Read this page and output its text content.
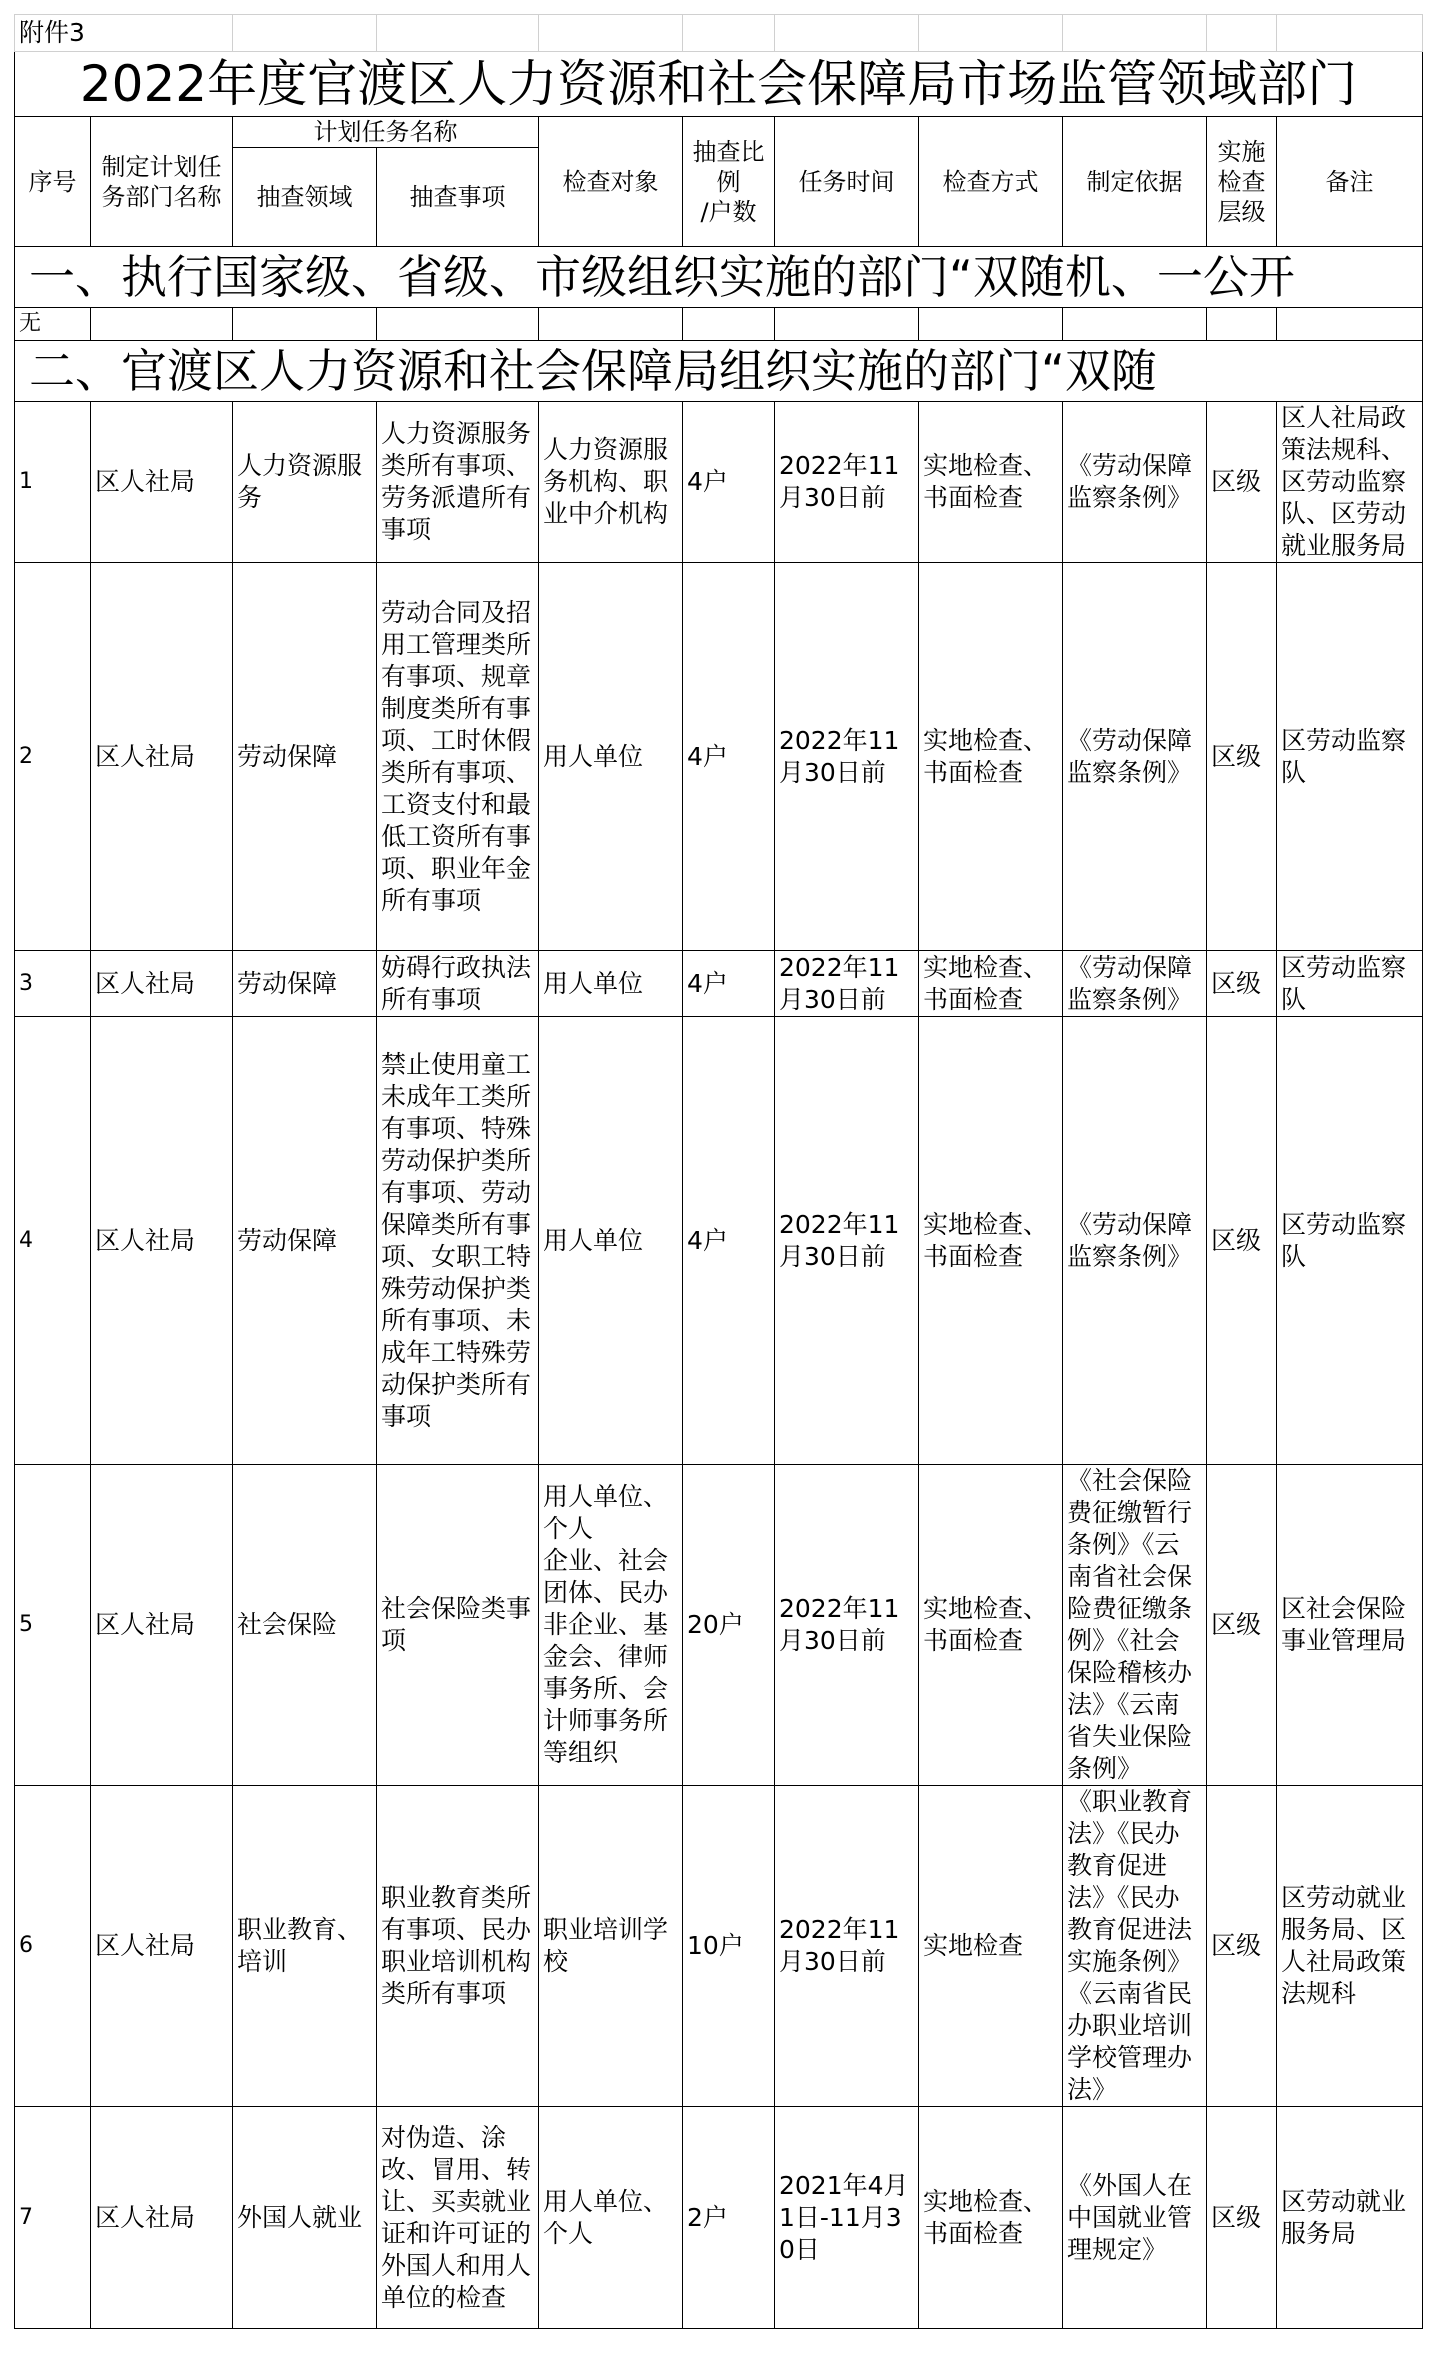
附件3										
2022年度官渡区人力资源和社会保障局市场监管领域部门										
序号	制定计划任务部门名称	计划任务名称		检查对象	抽查比例
/户数	任务时间	检查方式	制定依据	实施检查层级	备注
		抽查领域	抽查事项							
一、执行国家级、省级、市级组织实施的部门“双随机、一公开										
无										
二、官渡区人力资源和社会保障局组织实施的部门“双随										
1	区人社局	人力资源服务	人力资源服务类所有事项、劳务派遣所有事项	人力资源服务机构、职业中介机构	4户	2022年11月30日前	实地检查、书面检查	《劳动保障监察条例》	区级	区人社局政策法规科、区劳动监察队、区劳动就业服务局
2	区人社局	劳动保障	劳动合同及招用工管理类所有事项、规章制度类所有事项、工时休假类所有事项、工资支付和最低工资所有事项、职业年金所有事项	用人单位	4户	2022年11月30日前	实地检查、书面检查	《劳动保障监察条例》	区级	区劳动监察队
3	区人社局	劳动保障	妨碍行政执法所有事项	用人单位	4户	2022年11月30日前	实地检查、书面检查	《劳动保障监察条例》	区级	区劳动监察队
4	区人社局	劳动保障	禁止使用童工未成年工类所有事项、特殊劳动保护类所有事项、劳动保障类所有事项、女职工特殊劳动保护类所有事项、未成年工特殊劳动保护类所有事项	用人单位	4户	2022年11月30日前	实地检查、书面检查	《劳动保障监察条例》	区级	区劳动监察队
5	区人社局	社会保险	社会保险类事项	用人单位、个人
企业、社会团体、民办非企业、基金会、律师事务所、会计师事务所等组织	20户	2022年11月30日前	实地检查、书面检查	《社会保险费征缴暂行条例》《云南省社会保险费征缴条例》《社会保险稽核办法》《云南省失业保险条例》	区级	区社会保险事业管理局
6	区人社局	职业教育、培训	职业教育类所有事项、民办职业培训机构类所有事项	职业培训学校	10户	2022年11月30日前	实地检查	《职业教育法》《民办教育促进法》《民办教育促进法实施条例》《云南省民办职业培训学校管理办法》	区级	区劳动就业服务局、区人社局政策法规科
7	区人社局	外国人就业	对伪造、涂改、冒用、转让、买卖就业证和许可证的外国人和用人单位的检查	用人单位、个人	2户	2021年4月1日-11月30日	实地检查、书面检查	《外国人在中国就业管理规定》	区级	区劳动就业服务局
